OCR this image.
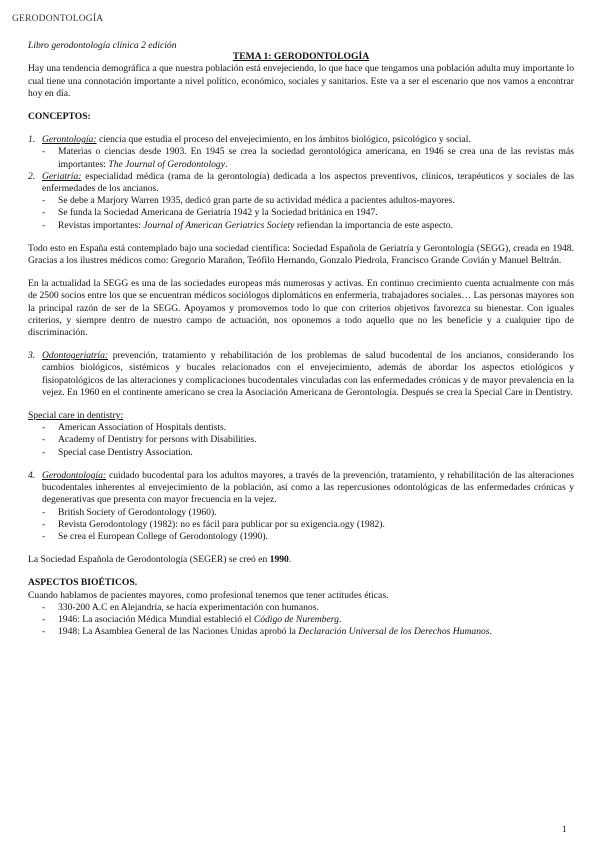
GERODONTOLOGÍA

Libro gerodontología clínica 2 edición

TEMA 1: GERODONTOLOGÍA

Hay una tendencia demográfica a que nuestra población está envejeciendo, lo que hace que tengamos una población adulta muy importante lo cual tiene una connotación importante a nivel político, económico, sociales y sanitarios. Este va a ser el escenario que nos vamos a encontrar hoy en día.

CONCEPTOS:

1. Gerontología: ciencia que estudia el proceso del envejecimiento, en los ámbitos biológico, psicológico y social.
-	Materias o ciencias desde 1903. En 1945 se crea la sociedad gerontológica americana, en 1946 se crea una de las revistas más importantes: The Journal of Gerodontology.
2. Geriatría: especialidad médica (rama de la gerontología) dedicada a los aspectos preventivos, clínicos, terapéuticos y sociales de las enfermedades de los ancianos.
-	Se debe a Marjory Warren 1935, dedicó gran parte de su actividad médica a pacientes adultos-mayores.
-	Se funda la Sociedad Americana de Geriatría 1942 y la Sociedad británica en 1947.
-	Revistas importantes: Journal of American Geriatrics Society refiendan la importancia de este aspecto.

Todo esto en España está contemplado bajo una sociedad científica: Sociedad Española de Geriatría y Gerontología (SEGG), creada en 1948. Gracias a los ilustres médicos como: Gregorio Marañon, Teófilo Hernando, Gonzalo Piedrola, Francisco Grande Covián y Manuel Beltrán.

En la actualidad la SEGG es una de las sociedades europeas más numerosas y activas. En continuo crecimiento cuenta actualmente con más de 2500 socios entre los que se encuentran médicos sociólogos diplomáticos en enfermería, trabajadores sociales… Las personas mayores son la principal razón de ser de la SEGG. Apoyamos y promovemos todo lo que con criterios objetivos favorezca su bienestar. Con iguales criterios, y siempre dentro de nuestro campo de actuación, nos oponemos a todo aquello que no les beneficie y a cualquier tipo de discriminación.

3. Odontogeriatría: prevención, tratamiento y rehabilitación de los problemas de salud bucodental de los ancianos, considerando los cambios biológicos, sistémicos y bucales relacionados con el envejecimiento, además de abordar los aspectos etiológicos y fisiopatológicos de las alteraciones y complicaciones bucodentales vinculadas con las enfermedades crónicas y de mayor prevalencia en la vejez. En 1960 en el continente americano se crea la Asociación Americana de Gerontología. Después se crea la Special Care in Dentistry.

Special care in dentistry:

-	American Association of Hospitals dentists.
-	Academy of Dentistry for persons with Disabilities.
-	Special case Dentistry Association.
4. Gerodontología: cuidado bucodental para los adultos mayores, a través de la prevención, tratamiento, y rehabilitación de las alteraciones bucodentales inherentes al envejecimiento de la población, así como a las repercusiones odontológicas de las enfermedades crónicas y degenerativas que presenta con mayor frecuencia en la vejez.
-	British Society of Gerodontology (1960).
-	Revista Gerodontology (1982): no es fácil para publicar por su exigencia.ogy (1982).
-	Se crea el European College of Gerodontology (1990).

La Sociedad Española de Gerodontología (SEGER) se creó en 1990.

ASPECTOS BIOÉTICOS.

Cuando hablamos de pacientes mayores, como profesional tenemos que tener actitudes éticas.

-	330-200 A.C en Alejandría, se hacía experimentación con humanos.
-	1946: La asociación Médica Mundial estableció el Código de Nuremberg.
-	1948: La Asamblea General de las Naciones Unidas aprobó la Declaración Universal de los Derechos Humanos.
1
